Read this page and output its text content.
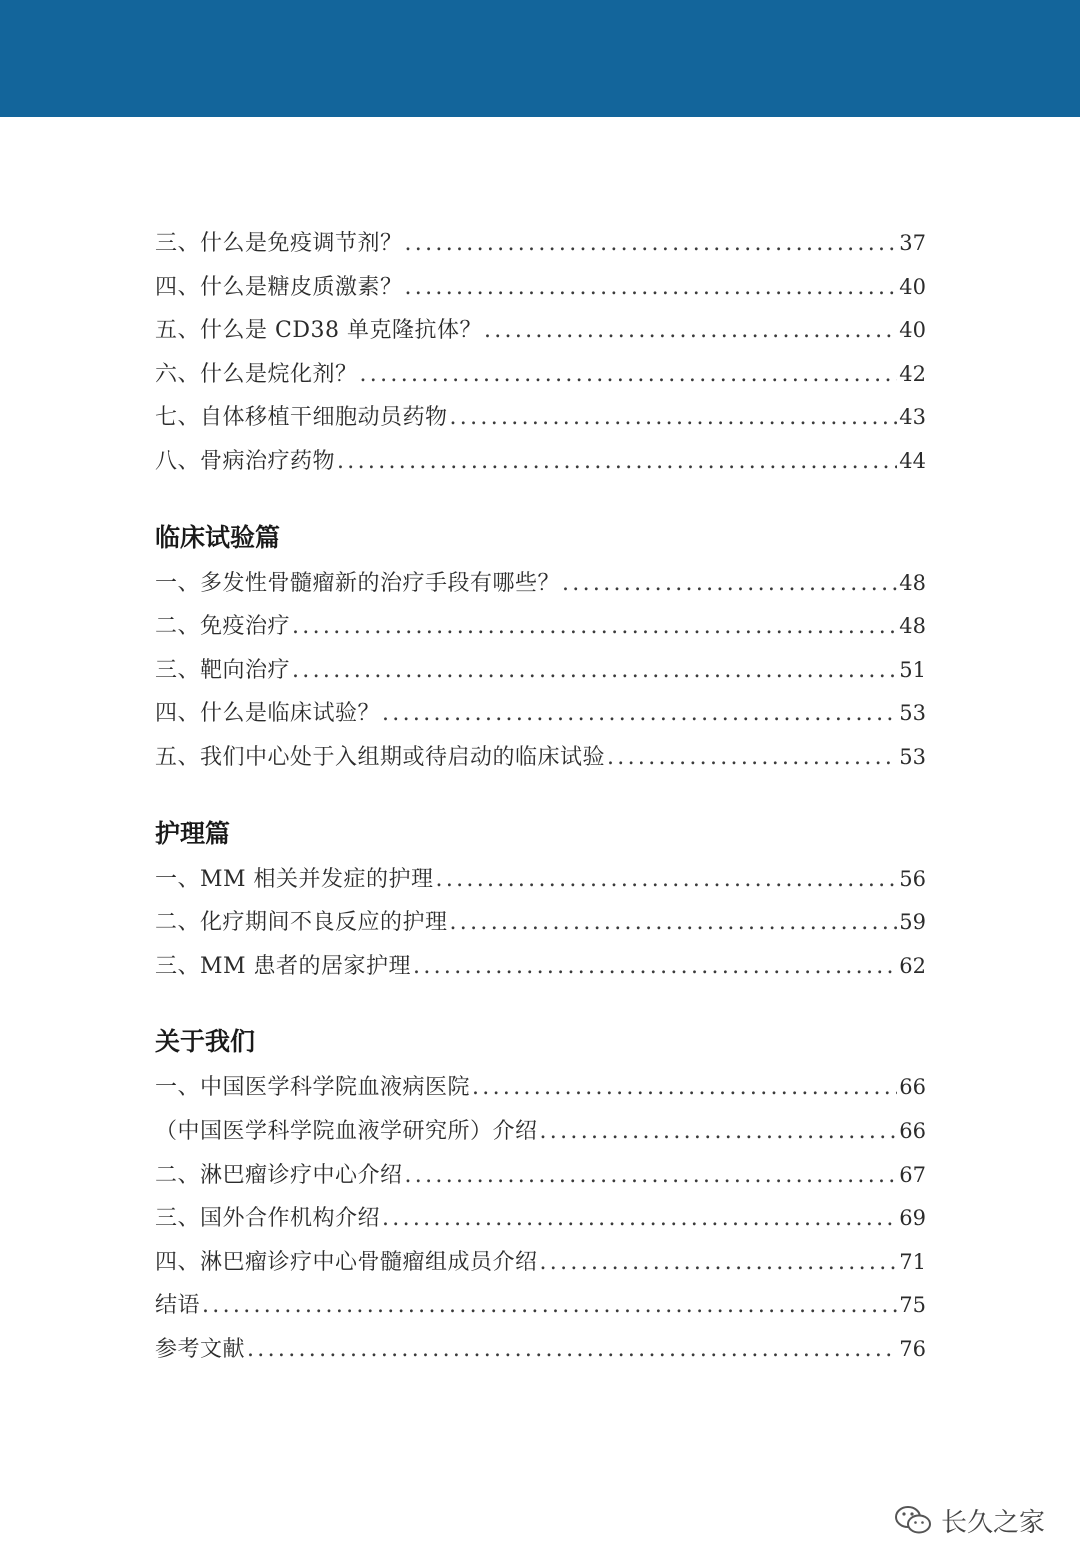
三、什么是免疫调节剂？ .....	37
四、什么是糖皮质激素？ .....	40
五、什么是 CD38 单克隆抗体？ .....	40
六、什么是烷化剂？ .....	42
七、自体移植干细胞动员药物 .....	43
八、骨病治疗药物 .....	44
临床试验篇
一、多发性骨髓瘤新的治疗手段有哪些？ .....	48
二、免疫治疗 .....	48
三、靶向治疗 .....	51
四、什么是临床试验？ .....	53
五、我们中心处于入组期或待启动的临床试验 .....	53
护理篇
一、MM 相关并发症的护理 .....	56
二、化疗期间不良反应的护理 .....	59
三、MM 患者的居家护理 .....	62
关于我们
一、中国医学科学院血液病医院 .....	66
（中国医学科学院血液学研究所）介绍 .....	66
二、淋巴瘤诊疗中心介绍 .....	67
三、国外合作机构介绍 .....	69
四、淋巴瘤诊疗中心骨髓瘤组成员介绍 .....	71
结语 .....	75
参考文献 .....	76
长久之家
